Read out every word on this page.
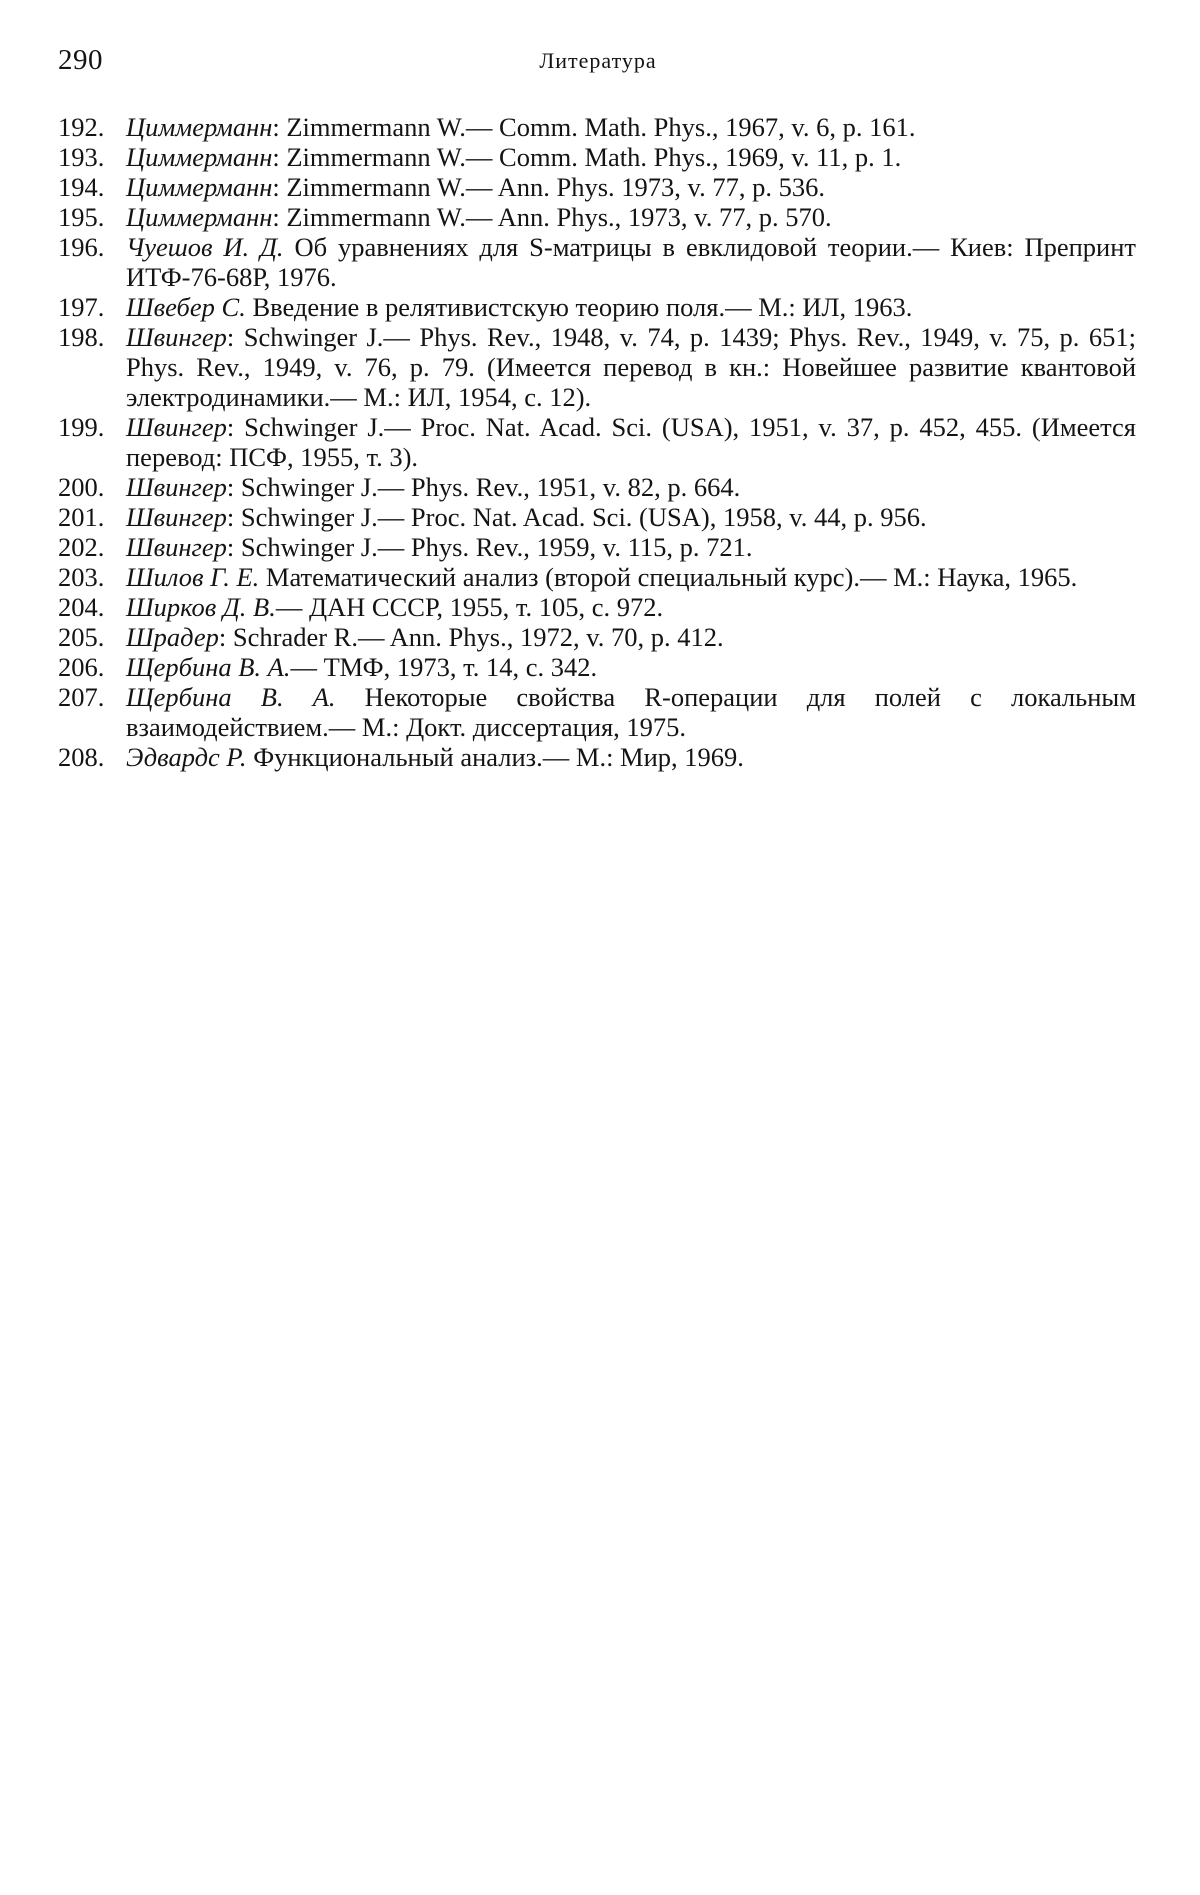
290	Литература
192. Циммерманн: Zimmermann W.— Comm. Math. Phys., 1967, v. 6, p. 161.
193. Циммерманн: Zimmermann W.— Comm. Math. Phys., 1969, v. 11, p. 1.
194. Циммерманн: Zimmermann W.— Ann. Phys. 1973, v. 77, p. 536.
195. Циммерманн: Zimmermann W.— Ann. Phys., 1973, v. 77, p. 570.
196. Чуешов И. Д. Об уравнениях для S-матрицы в евклидовой теории.— Киев: Препринт ИТФ-76-68Р, 1976.
197. Швебер С. Введение в релятивистскую теорию поля.— М.: ИЛ, 1963.
198. Швингер: Schwinger J.— Phys. Rev., 1948, v. 74, p. 1439; Phys. Rev., 1949, v. 75, p. 651; Phys. Rev., 1949, v. 76, p. 79. (Имеется перевод в кн.: Новейшее развитие квантовой электродинамики.— М.: ИЛ, 1954, с. 12).
199. Швингер: Schwinger J.— Proc. Nat. Acad. Sci. (USA), 1951, v. 37, p. 452, 455. (Имеется перевод: ПСФ, 1955, т. 3).
200. Швингер: Schwinger J.— Phys. Rev., 1951, v. 82, p. 664.
201. Швингер: Schwinger J.— Proc. Nat. Acad. Sci. (USA), 1958, v. 44, p. 956.
202. Швингер: Schwinger J.— Phys. Rev., 1959, v. 115, p. 721.
203. Шилов Г. Е. Математический анализ (второй специальный курс).— М.: Наука, 1965.
204. Ширков Д. В.— ДАН СССР, 1955, т. 105, с. 972.
205. Шрадер: Schrader R.— Ann. Phys., 1972, v. 70, p. 412.
206. Щербина В. А.— ТМФ, 1973, т. 14, с. 342.
207. Щербина В. А. Некоторые свойства R-операции для полей с локальным взаимодействием.— М.: Докт. диссертация, 1975.
208. Эдвардс Р. Функциональный анализ.— М.: Мир, 1969.
